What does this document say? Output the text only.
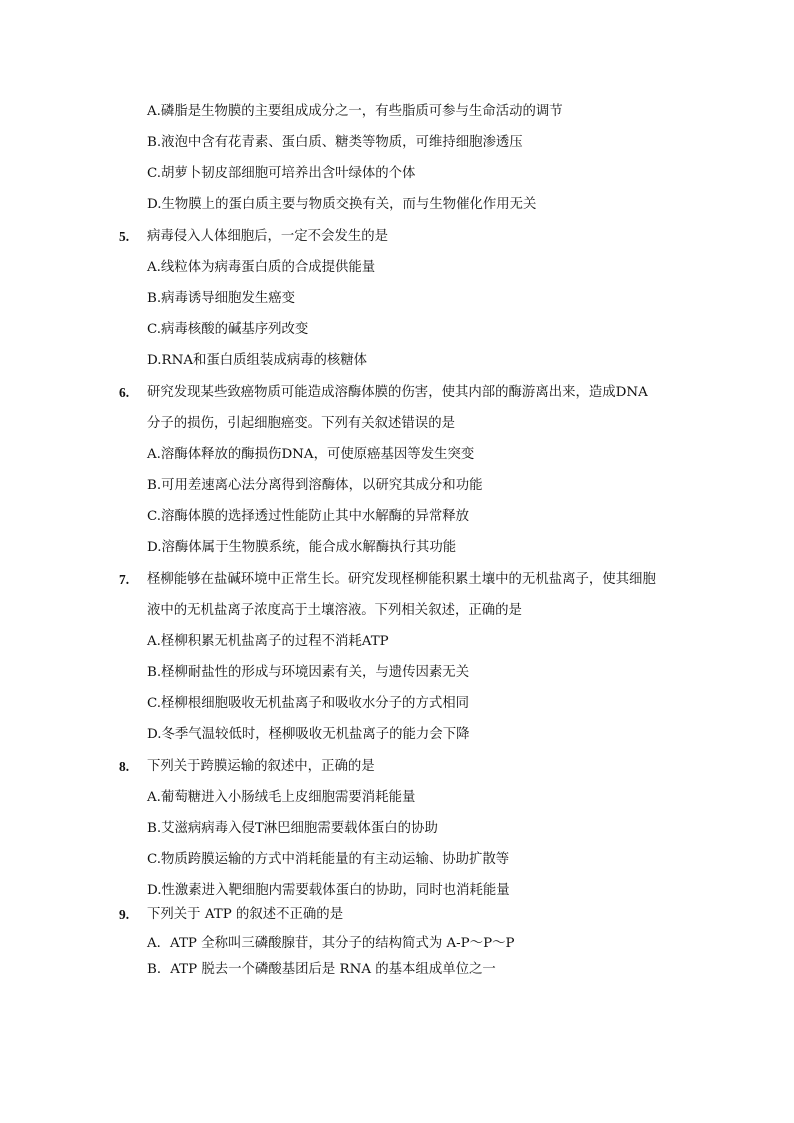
A.磷脂是生物膜的主要组成成分之一，有些脂质可参与生命活动的调节
B.液泡中含有花青素、蛋白质、糖类等物质，可维持细胞渗透压
C.胡萝卜韧皮部细胞可培养出含叶绿体的个体
D.生物膜上的蛋白质主要与物质交换有关，而与生物催化作用无关
5. 病毒侵入人体细胞后，一定不会发生的是
A.线粒体为病毒蛋白质的合成提供能量
B.病毒诱导细胞发生癌变
C.病毒核酸的碱基序列改变
D.RNA和蛋白质组装成病毒的核糖体
6. 研究发现某些致癌物质可能造成溶酶体膜的伤害，使其内部的酶游离出来，造成DNA
分子的损伤，引起细胞癌变。下列有关叙述错误的是
A.溶酶体释放的酶损伤DNA，可使原癌基因等发生突变
B.可用差速离心法分离得到溶酶体，以研究其成分和功能
C.溶酶体膜的选择透过性能防止其中水解酶的异常释放
D.溶酶体属于生物膜系统，能合成水解酶执行其功能
7. 柽柳能够在盐碱环境中正常生长。研究发现柽柳能积累土壤中的无机盐离子，使其细胞
液中的无机盐离子浓度高于土壤溶液。下列相关叙述，正确的是
A.柽柳积累无机盐离子的过程不消耗ATP
B.柽柳耐盐性的形成与环境因素有关，与遗传因素无关
C.柽柳根细胞吸收无机盐离子和吸收水分子的方式相同
D.冬季气温较低时，柽柳吸收无机盐离子的能力会下降
8. 下列关于跨膜运输的叙述中，正确的是
A.葡萄糖进入小肠绒毛上皮细胞需要消耗能量
B.艾滋病病毒入侵T淋巴细胞需要载体蛋白的协助
C.物质跨膜运输的方式中消耗能量的有主动运输、协助扩散等
D.性激素进入靶细胞内需要载体蛋白的协助，同时也消耗能量
9. 下列关于 ATP 的叙述不正确的是
A．ATP 全称叫三磷酸腺苷，其分子的结构简式为 A-P～P～P
B．ATP 脱去一个磷酸基团后是 RNA 的基本组成单位之一
